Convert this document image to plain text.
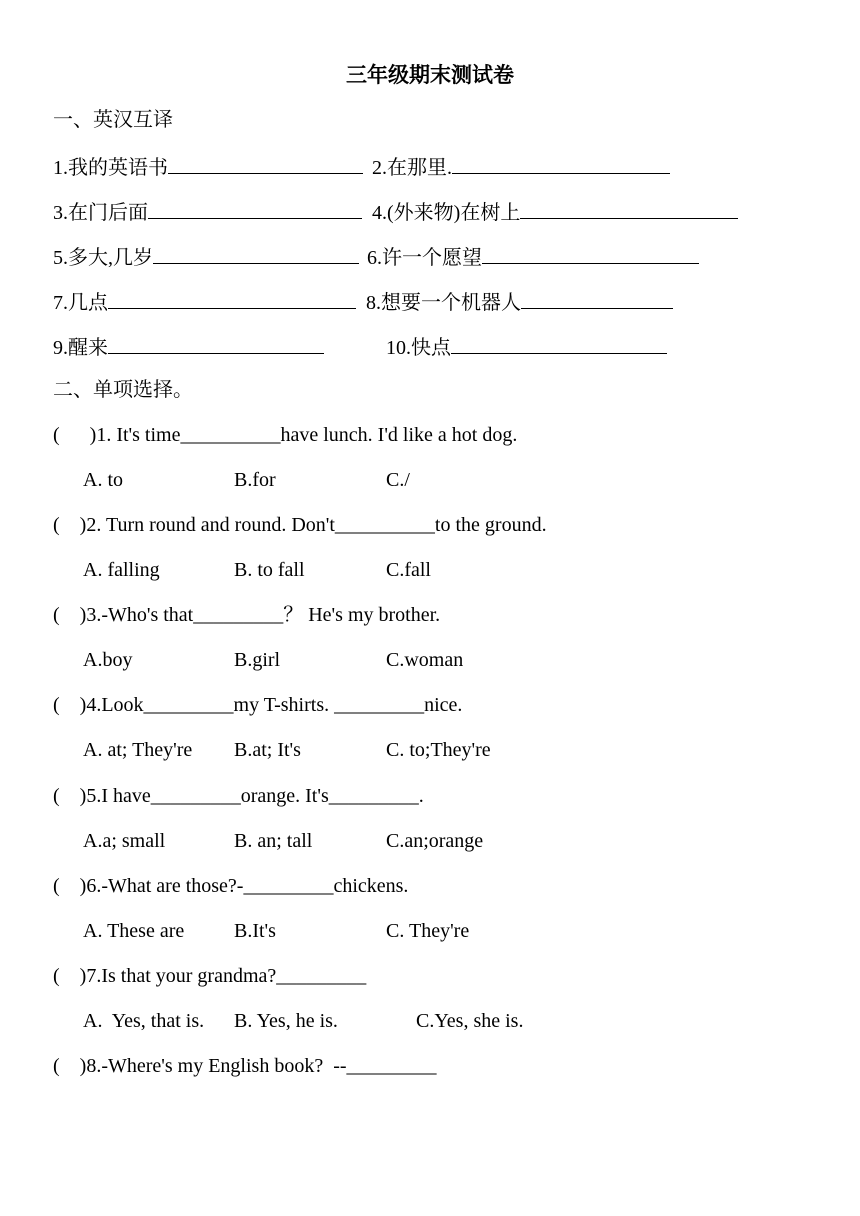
三年级期末测试卷
一、英汉互译
1.我的英语书	2.在那里.
3.在门后面	4.(外来物)在树上
5.多大,几岁	6.许一个愿望
7.几点	8.想要一个机器人
9.醒来	10.快点
二、单项选择。
(      )1. It's time__________have lunch. I'd like a hot dog.
A. to	B.for	C./
(    )2. Turn round and round. Don't__________to the ground.
A. falling	B. to fall	C.fall
(    )3.-Who's that_________？ He's my brother.
A.boy	B.girl	C.woman
(    )4.Look_________my T-shirts. _________nice.
A. at; They're B.at; It's	C. to;They're
(    )5.I have_________orange. It's_________.
A.a; small	B. an; tall	C.an;orange
(    )6.-What are those?-_________chickens.
A. These are B.It's	C. They're
(    )7.Is that your grandma?_________
A.  Yes, that is. B. Yes, he is.	C.Yes, she is.
(    )8.-Where's my English book?  --_________
